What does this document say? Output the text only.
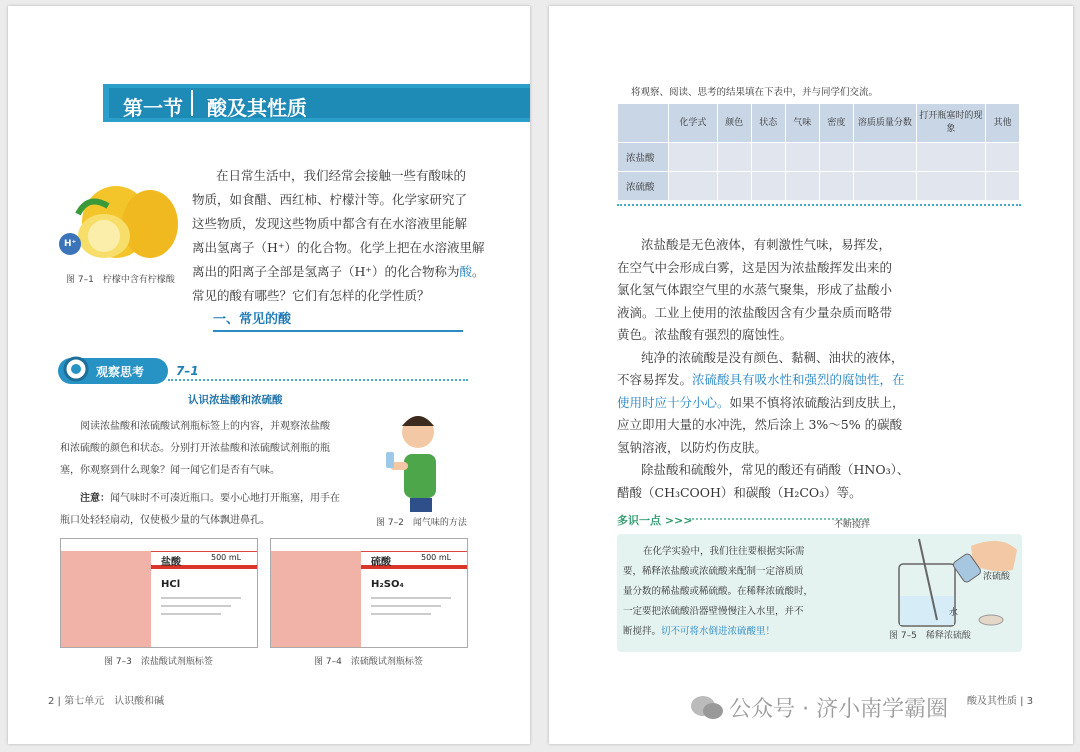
第一节 酸及其性质
H⁺
图 7–1　柠檬中含有柠檬酸
在日常生活中，我们经常会接触一些有酸味的
物质，如食醋、西红柿、柠檬汁等。化学家研究了
这些物质，发现这些物质中都含有在水溶液里能解
离出氢离子（H⁺）的化合物。化学上把在水溶液里解
离出的阳离子全部是氢离子（H⁺）的化合物称为酸。
常见的酸有哪些？它们有怎样的化学性质？
一、常见的酸
观察思考	7–1
认识浓盐酸和浓硫酸
阅读浓盐酸和浓硫酸试剂瓶标签上的内容，并观察浓盐酸
和浓硫酸的颜色和状态。分别打开浓盐酸和浓硫酸试剂瓶的瓶
塞，你观察到什么现象？闻一闻它们是否有气味。
注意：闻气味时不可凑近瓶口。要小心地打开瓶塞，用手在
瓶口处轻轻扇动，仅使极少量的气体飘进鼻孔。	图 7–2　闻气味的方法
盐酸	500 mL
HCl
硫酸	500 mL
H₂SO₄
图 7–3　浓盐酸试剂瓶标签	图 7–4　浓硫酸试剂瓶标签
2 | 第七单元　认识酸和碱
将观察、阅读、思考的结果填在下表中，并与同学们交流。
	化学式	颜色	状态	气味	密度	溶质质量分数	打开瓶塞时的现象	其他
浓盐酸								
浓硫酸								
浓盐酸是无色液体，有刺激性气味，易挥发，
在空气中会形成白雾，这是因为浓盐酸挥发出来的
氯化氢气体跟空气里的水蒸气聚集，形成了盐酸小
液滴。工业上使用的浓盐酸因含有少量杂质而略带
黄色。浓盐酸有强烈的腐蚀性。
纯净的浓硫酸是没有颜色、黏稠、油状的液体，
不容易挥发。浓硫酸具有吸水性和强烈的腐蚀性，在
使用时应十分小心。如果不慎将浓硫酸沾到皮肤上，
应立即用大量的水冲洗，然后涂上 3%～5% 的碳酸
氢钠溶液，以防灼伤皮肤。
除盐酸和硫酸外，常见的酸还有硝酸（HNO₃）、
醋酸（CH₃COOH）和碳酸（H₂CO₃）等。
多识一点 >>>
在化学实验中，我们往往要根据实际需
要，稀释浓盐酸或浓硫酸来配制一定溶质质
量分数的稀盐酸或稀硫酸。在稀释浓硫酸时，
一定要把浓硫酸沿器壁慢慢注入水里，并不
断搅拌。切不可将水倒进浓硫酸里！
不断搅拌
浓硫酸
水
图 7–5　稀释浓硫酸
酸及其性质 | 3
公众号 · 济小南学霸圈
